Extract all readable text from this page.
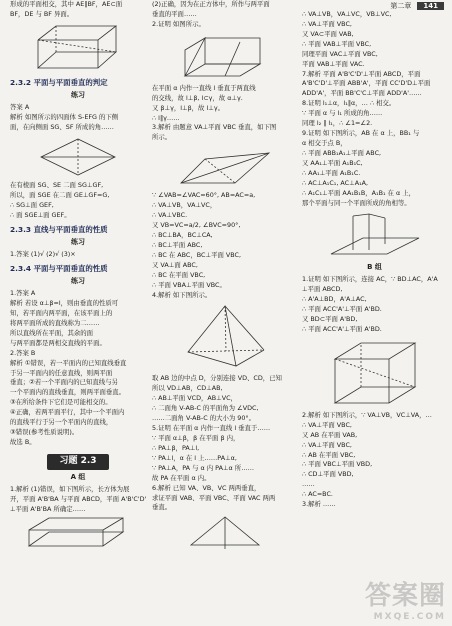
第二章	141
形成的平面相交，其中 AE∥BF，AE⊂面
BF，DE 与 BF 异面。
2.3.2 平面与平面垂直的判定
练习
答案 A
解析 如图所示的四面体 S-EFG 的下侧
面，在向侧面 SG、SF 所成的角……
在有棱面 SG、SE 二面 SG⊥GF,
所以，面 SGE 在二面 GE⊥GF=G,
∴ SG⊥面 GEF,
∴ 面 SGE⊥面 GEF。
2.3.3 直线与平面垂直的性质
练习
1.答案 (1)√ (2)√ (3)×
2.3.4 平面与平面垂直的性质
练习
1.答案 A
解析 若设 α⊥β=l，则由垂直的性质可
知，若平面内两平面，在该平面上的
将两平面所成的直线称为二……
所以直线所在平面，其余的面
与两平面都是两相交直线的平面。
2.答案 B
解析 ①错误，若一平面内的已知直线垂直
于另一平面内的任意直线，则两平面
垂直；②若一个平面内的已知直线与另
一个平面内的直线垂直，则两平面垂直。
③在所给条件下它们是可能相交的。
④正确，若两平面平行，其中一个平面内
的直线平行于另一个平面内的直线，
③错误(参考性质说明)。
故选 B。
习题 2.3
A 组
1.解析 (1)错误，如下图所示，长方体为展
开，平面 A'B'BA 与平面 ABCD，平面 A'B'C'D'
⊥平面 A'B'BA 所确定……
(2)正确，因为在正方体中，所作与两平面
垂直的平面……
2.证明 如图所示。
在平面 α 内作一直线 l 垂直于两直线
的交线，故 l⊥β, l⊂γ，故 α⊥γ.
又 β⊥γ，l⊥β，故 l⊥γ。
∴ l∥γ……
3.解析 由题意 VA⊥平面 VBC 垂直，如下图
所示。
∵ ∠VAB=∠VAC=60°, AB=AC=a,
∴ VA⊥VB，VA⊥VC，
∴ VA⊥VBC.
又 VB=VC=a/2, ∠BVC=90°,
∴ BC⊥BA，BC⊥CA,
∴ BC⊥平面 ABC,
∴ BC 在 ABC，BC⊥平面 VBC,
又 VA⊥面 ABC,
∴ BC 在平面 VBC,
∴ 平面 VBA⊥平面 VBC。
4.解析 如下图所示。
取 AB 边的中点 D，分别连接 VD、CD，已知
所以 VD⊥AB，CD⊥AB,
∴ AB⊥平面 VCD，AB⊥VC，
∴ 二面角 V-AB-C 的平面角为 ∠VDC,
……二面角 V-AB-C 的大小为 90°。
5.证明 在平面 α 内作一直线 l 垂直于……
∵ 平面 α⊥β，β 在平面 β 内，
∴ PA⊥β，PA⊥l,
∵ PA⊥l，α 在 l 上……PA⊥α,
∵ PA⊥A，PA 与 α 内 PA⊥α 所……
故 PA 在平面 α 内。
6.解析 已知 VA、VB、VC 两两垂直，
求证平面 VAB、平面 VBC、平面 VAC 两两
垂直。
∴ VA⊥VB，VA⊥VC，VB⊥VC,
∴ VA⊥平面 VBC,
又 VA⊂平面 VAB,
∴ 平面 VAB⊥平面 VBC,
同理平面 VAC⊥平面 VBC,
平面 VAB⊥平面 VAC.
7.解析 平面 A'B'C'D'⊥平面 ABCD，平面
A'B'C'D'⊥平面 ABB'A'，平面 CC'D'D⊥平面
ADD'A'，平面 BB'C'C⊥平面 ADD'A'……
8.证明 l₁⊥α，l₁∥α，… ∴ 相交。
∵ 平面 α 与 l₁ 所成的角……
同理 l₂ ∥ l₁，∴ ∠1=∠2.
9.证明 如下图所示，AB 在 α 上，BB₁ 与
α 相交于点 B，
∴ 平面 ABB₁A₁⊥平面 ABC,
又 AA₁⊥平面 A₁B₁C,
∴ AA₁⊥平面 A₁B₁C.
∴ AC⊥A₁C₁, AC⊥A₁A,
∴ A₁C₁⊥平面 AA₁B₁B，A₁B₁ 在 α 上，
那个平面与同一个平面所成的角相等。
B 组
1.证明 如下图所示，连接 AC，∵ BD⊥AC，A'A
⊥平面 ABCD,
∴ A'A⊥BD，A'A⊥AC,
∴ 平面 ACC'A'⊥平面 A'BD.
又 BD⊂平面 A'BD,
∴ 平面 ACC'A'⊥平面 A'BD.
2.解析 如下图所示，∵ VA⊥VB，VC⊥VA，…
∴ VA⊥平面 VBC,
又 AB 在平面 VAB,
∴ VA⊥平面 VBC,
∴ AB 在平面 VBC,
∴ 平面 VBC⊥平面 VBD,
∴ CD⊥平面 VBD,
……
∴ AC=BC.
3.解析 ……
答案圈
MXQE.COM
